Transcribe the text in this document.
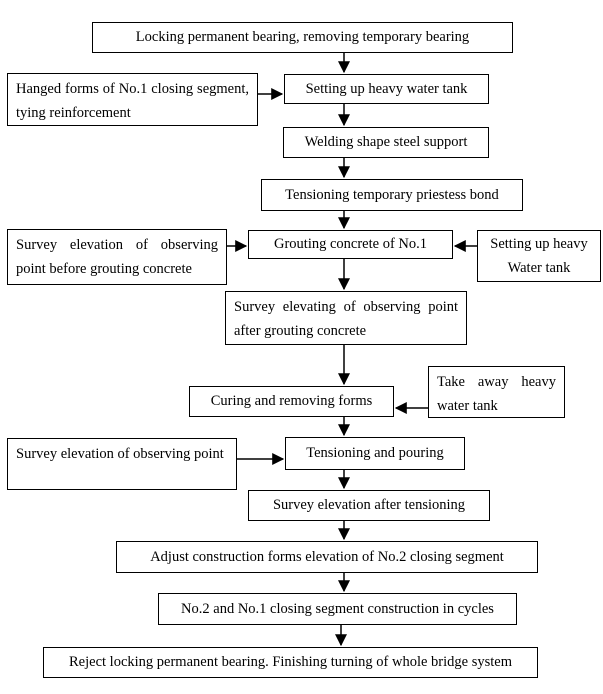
Locking permanent bearing, removing temporary bearing
Hanged forms of No.1 closing segment, tying reinforcement
Setting up heavy water tank
Welding shape steel support
Tensioning temporary priestess bond
Survey elevation of observing point before grouting concrete
Grouting concrete of No.1	Setting up heavy Water tank
Survey elevating of observing point after grouting concrete
Curing and removing forms
Take away heavy water tank
Survey elevation of observing point	Tensioning and pouring
Survey elevation after tensioning
Adjust construction forms elevation of No.2 closing segment
No.2 and No.1 closing segment construction in cycles
Reject locking permanent bearing. Finishing turning of whole bridge system
